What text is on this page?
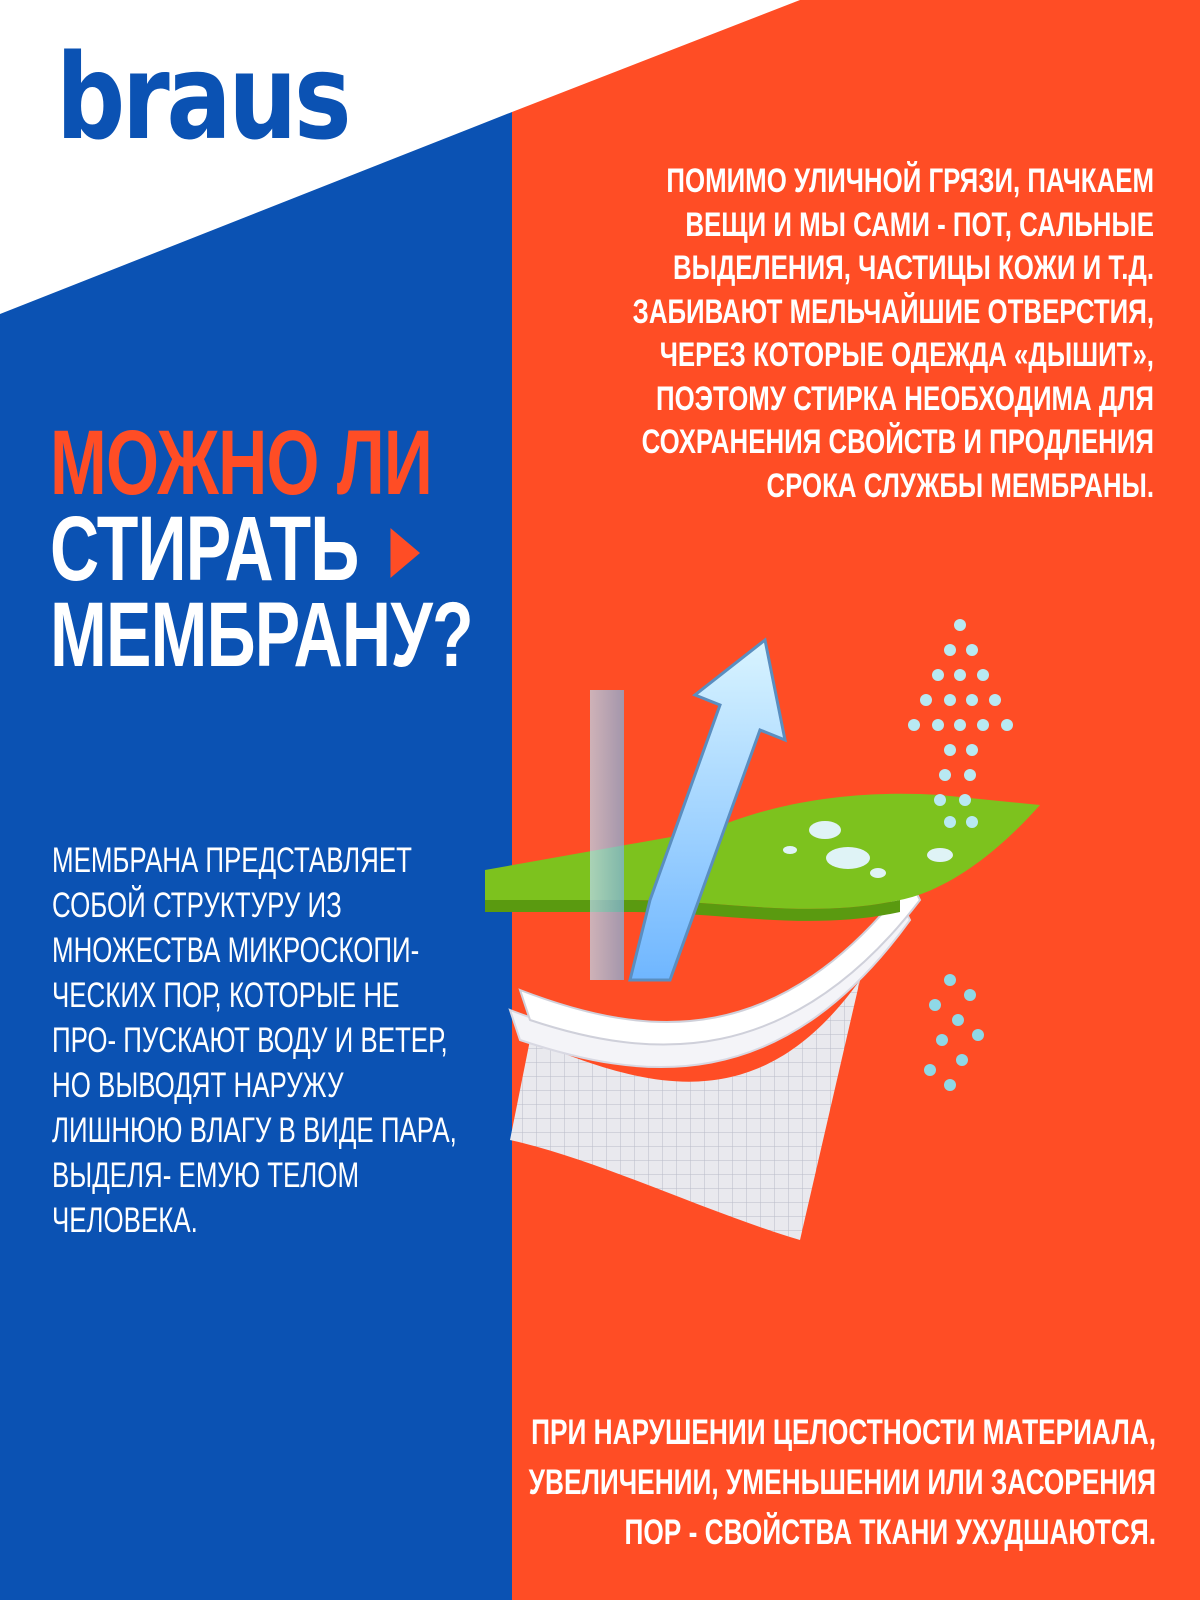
braus
ПОМИМО УЛИЧНОЙ ГРЯЗИ, ПАЧКАЕМ ВЕЩИ И МЫ САМИ - ПОТ, САЛЬНЫЕ ВЫДЕЛЕНИЯ, ЧАСТИЦЫ КОЖИ И Т.Д. ЗАБИВАЮТ МЕЛЬЧАЙШИЕ ОТВЕРСТИЯ, ЧЕРЕЗ КОТОРЫЕ ОДЕЖДА «ДЫШИТ», ПОЭТОМУ СТИРКА НЕОБХОДИМА ДЛЯ СОХРАНЕНИЯ СВОЙСТВ И ПРОДЛЕНИЯ СРОКА СЛУЖБЫ МЕМБРАНЫ.
МОЖНО ЛИ
СТИРАТЬ
МЕМБРАНУ?
МЕМБРАНА ПРЕДСТАВЛЯЕТ СОБОЙ СТРУКТУРУ ИЗ МНОЖЕСТВА МИКРОСКОПИ- ЧЕСКИХ ПОР, КОТОРЫЕ НЕ ПРО- ПУСКАЮТ ВОДУ И ВЕТЕР, НО ВЫВОДЯТ НАРУЖУ ЛИШНЮЮ ВЛАГУ В ВИДЕ ПАРА, ВЫДЕЛЯ- ЕМУЮ ТЕЛОМ ЧЕЛОВЕКА.
ПРИ НАРУШЕНИИ ЦЕЛОСТНОСТИ МАТЕРИАЛА, УВЕЛИЧЕНИИ, УМЕНЬШЕНИИ ИЛИ ЗАСОРЕНИЯ ПОР - СВОЙСТВА ТКАНИ УХУДШАЮТСЯ.
